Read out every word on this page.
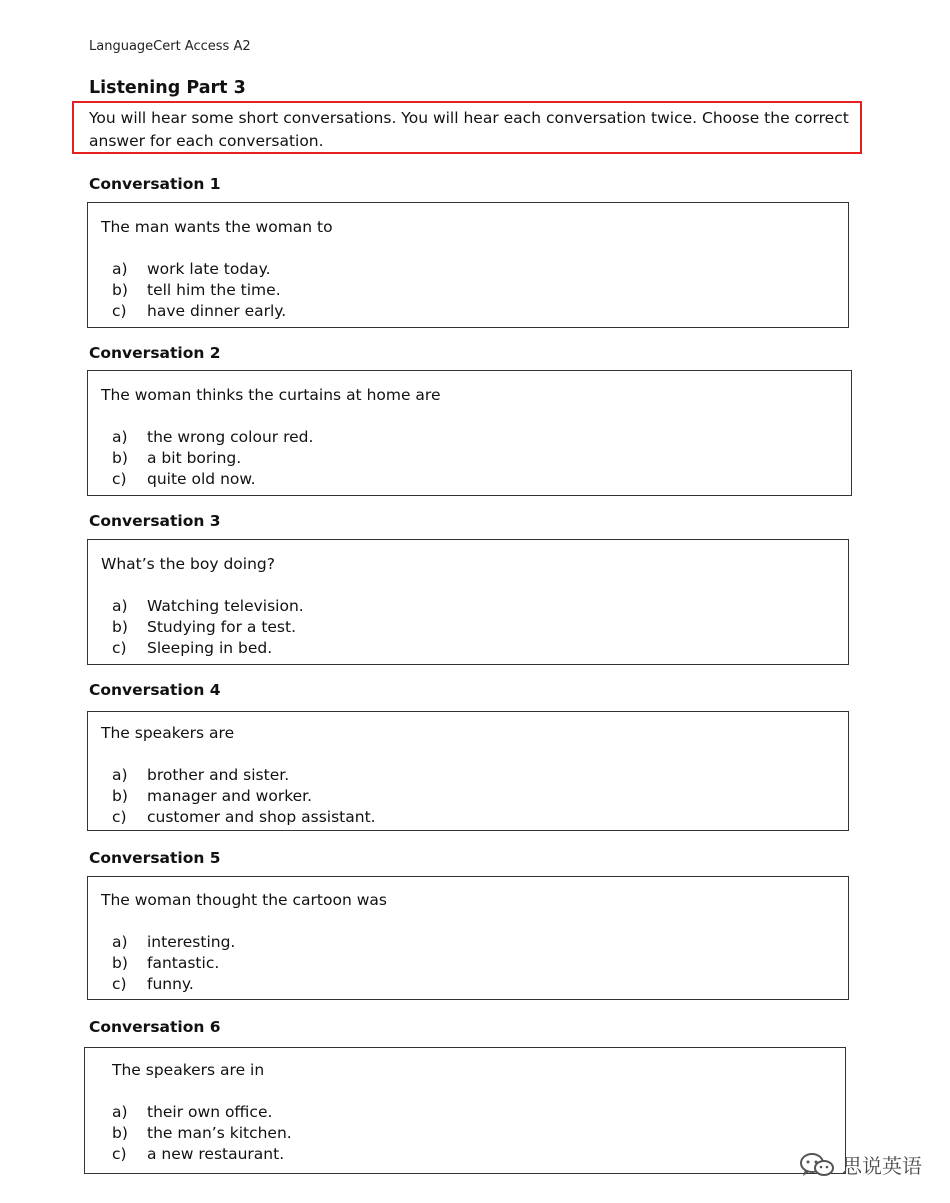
LanguageCert Access A2
Listening Part 3
You will hear some short conversations. You will hear each conversation twice. Choose the correct answer for each conversation.
Conversation 1
The man wants the woman to
a) work late today.
b) tell him the time.
c) have dinner early.
Conversation 2
The woman thinks the curtains at home are
a) the wrong colour red.
b) a bit boring.
c) quite old now.
Conversation 3
What’s the boy doing?
a) Watching television.
b) Studying for a test.
c) Sleeping in bed.
Conversation 4
The speakers are
a) brother and sister.
b) manager and worker.
c) customer and shop assistant.
Conversation 5
The woman thought the cartoon was
a) interesting.
b) fantastic.
c) funny.
Conversation 6
The speakers are in
a) their own office.
b) the man’s kitchen.
c) a new restaurant.	思说英语
